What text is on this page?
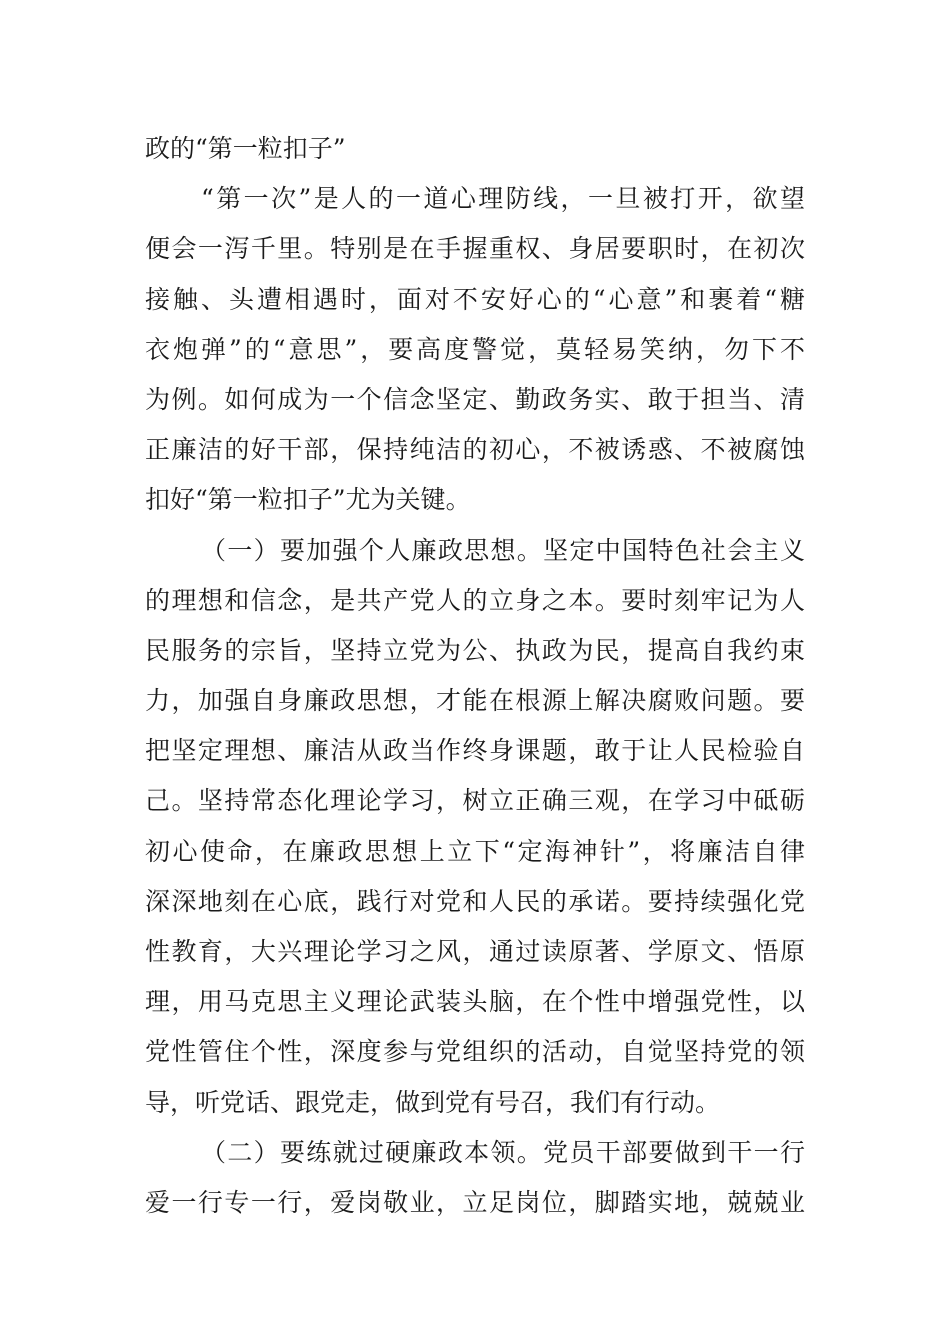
政的“第一粒扣子”
“第一次”是人的一道心理防线，一旦被打开，欲望
便会一泻千里。特别是在手握重权、身居要职时，在初次
接触、头遭相遇时，面对不安好心的“心意”和裹着“糖
衣炮弹”的“意思”，要高度警觉，莫轻易笑纳，勿下不
为例。如何成为一个信念坚定、勤政务实、敢于担当、清
正廉洁的好干部，保持纯洁的初心，不被诱惑、不被腐蚀
扣好“第一粒扣子”尤为关键。
（一）要加强个人廉政思想。坚定中国特色社会主义
的理想和信念，是共产党人的立身之本。要时刻牢记为人
民服务的宗旨，坚持立党为公、执政为民，提高自我约束
力，加强自身廉政思想，才能在根源上解决腐败问题。要
把坚定理想、廉洁从政当作终身课题，敢于让人民检验自
己。坚持常态化理论学习，树立正确三观，在学习中砥砺
初心使命，在廉政思想上立下“定海神针”，将廉洁自律
深深地刻在心底，践行对党和人民的承诺。要持续强化党
性教育，大兴理论学习之风，通过读原著、学原文、悟原
理，用马克思主义理论武装头脑，在个性中增强党性，以
党性管住个性，深度参与党组织的活动，自觉坚持党的领
导，听党话、跟党走，做到党有号召，我们有行动。
（二）要练就过硬廉政本领。党员干部要做到干一行
爱一行专一行，爱岗敬业，立足岗位，脚踏实地，兢兢业
